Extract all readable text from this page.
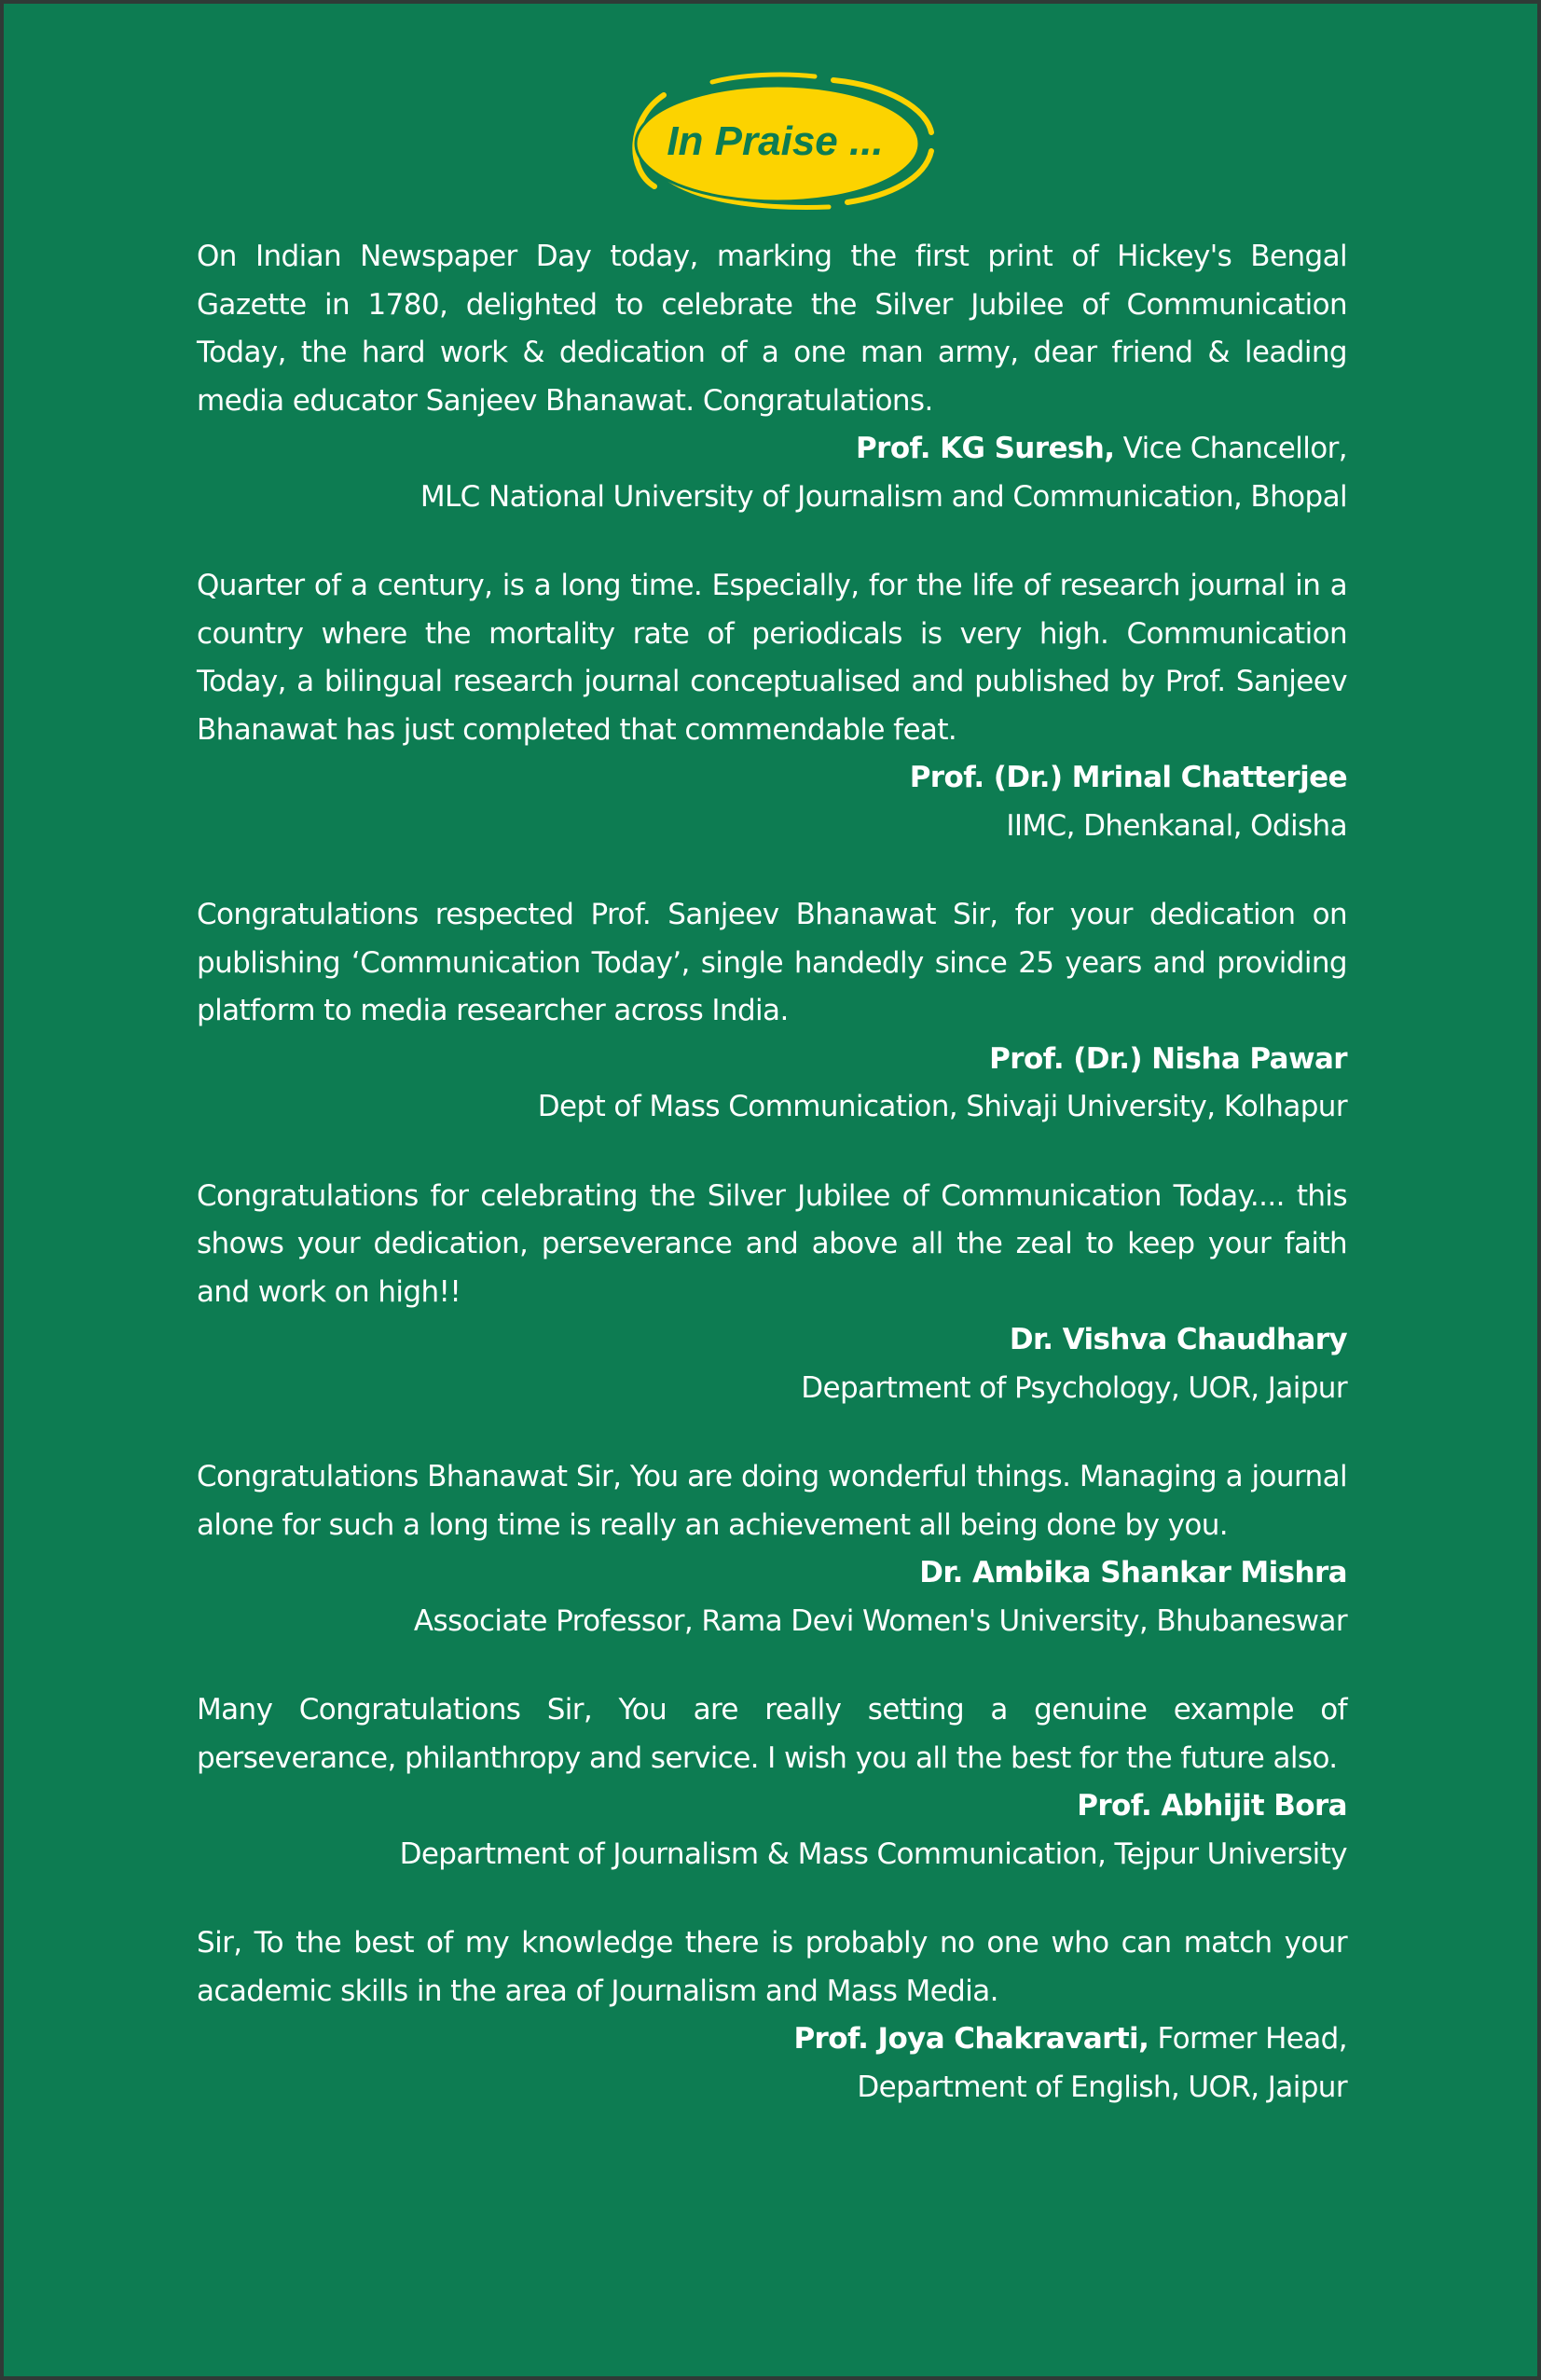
In Praise ...
On Indian Newspaper Day today, marking the first print of Hickey's Bengal Gazette in 1780, delighted to celebrate the Silver Jubilee of Communication Today, the hard work & dedication of a one man army, dear friend & leading media educator Sanjeev Bhanawat. Congratulations.
Prof. KG Suresh, Vice Chancellor,
MLC National University of Journalism and Communication, Bhopal
Quarter of a century, is a long time. Especially, for the life of research journal in a country where the mortality rate of periodicals is very high. Communication Today, a bilingual research journal conceptualised and published by Prof. Sanjeev Bhanawat has just completed that commendable feat.
Prof. (Dr.) Mrinal Chatterjee
IIMC, Dhenkanal, Odisha
Congratulations respected Prof. Sanjeev Bhanawat Sir, for your dedication on publishing ‘Communication Today’, single handedly since 25 years and providing platform to media researcher across India.
Prof. (Dr.) Nisha Pawar
Dept of Mass Communication, Shivaji University, Kolhapur
Congratulations for celebrating the Silver Jubilee of Communication Today.... this shows your dedication, perseverance and above all the zeal to keep your faith and work on high!!
Dr. Vishva Chaudhary
Department of Psychology, UOR, Jaipur
Congratulations Bhanawat Sir, You are doing wonderful things. Managing a journal alone for such a long time is really an achievement all being done by you.
Dr. Ambika Shankar Mishra
Associate Professor, Rama Devi Women's University, Bhubaneswar
Many Congratulations Sir, You are really setting a genuine example of perseverance, philanthropy and service. I wish you all the best for the future also.
Prof. Abhijit Bora
Department of Journalism & Mass Communication, Tejpur University
Sir, To the best of my knowledge there is probably no one who can match your academic skills in the area of Journalism and Mass Media.
Prof. Joya Chakravarti, Former Head,
Department of English, UOR, Jaipur
